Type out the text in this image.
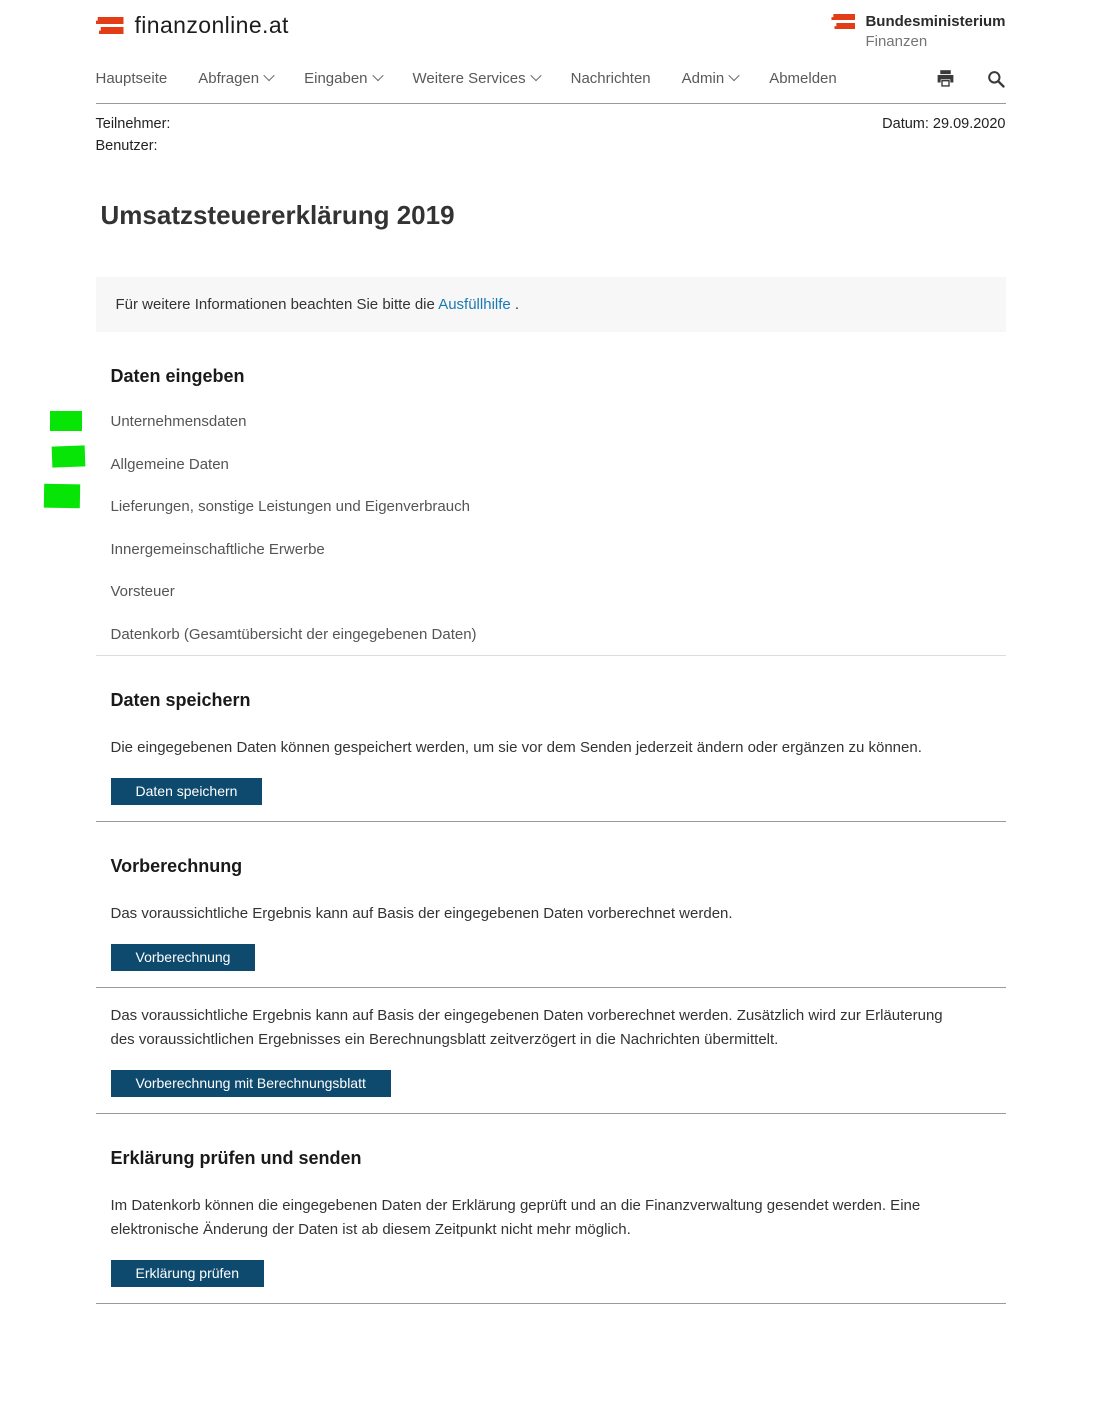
finanzonline.at	Bundesministerium
Finanzen
Hauptseite Abfragen	Eingaben	Weitere Services	Nachrichten Admin	Abmelden
Teilnehmer:
Benutzer:
Datum: 29.09.2020
Umsatzsteuererklärung 2019
Für weitere Informationen beachten Sie bitte die Ausfüllhilfe .
Daten eingeben
Unternehmensdaten
Allgemeine Daten
Lieferungen, sonstige Leistungen und Eigenverbrauch
Innergemeinschaftliche Erwerbe
Vorsteuer
Datenkorb (Gesamtübersicht der eingegebenen Daten)
Daten speichern

Die eingegebenen Daten können gespeichert werden, um sie vor dem Senden jederzeit ändern oder ergänzen zu können.

Daten speichern
Vorberechnung

Das voraussichtliche Ergebnis kann auf Basis der eingegebenen Daten vorberechnet werden.

Vorberechnung

Das voraussichtliche Ergebnis kann auf Basis der eingegebenen Daten vorberechnet werden. Zusätzlich wird zur Erläuterung des voraussichtlichen Ergebnisses ein Berechnungsblatt zeitverzögert in die Nachrichten übermittelt.

Vorberechnung mit Berechnungsblatt
Erklärung prüfen und senden

Im Datenkorb können die eingegebenen Daten der Erklärung geprüft und an die Finanzverwaltung gesendet werden. Eine elektronische Änderung der Daten ist ab diesem Zeitpunkt nicht mehr möglich.

Erklärung prüfen
